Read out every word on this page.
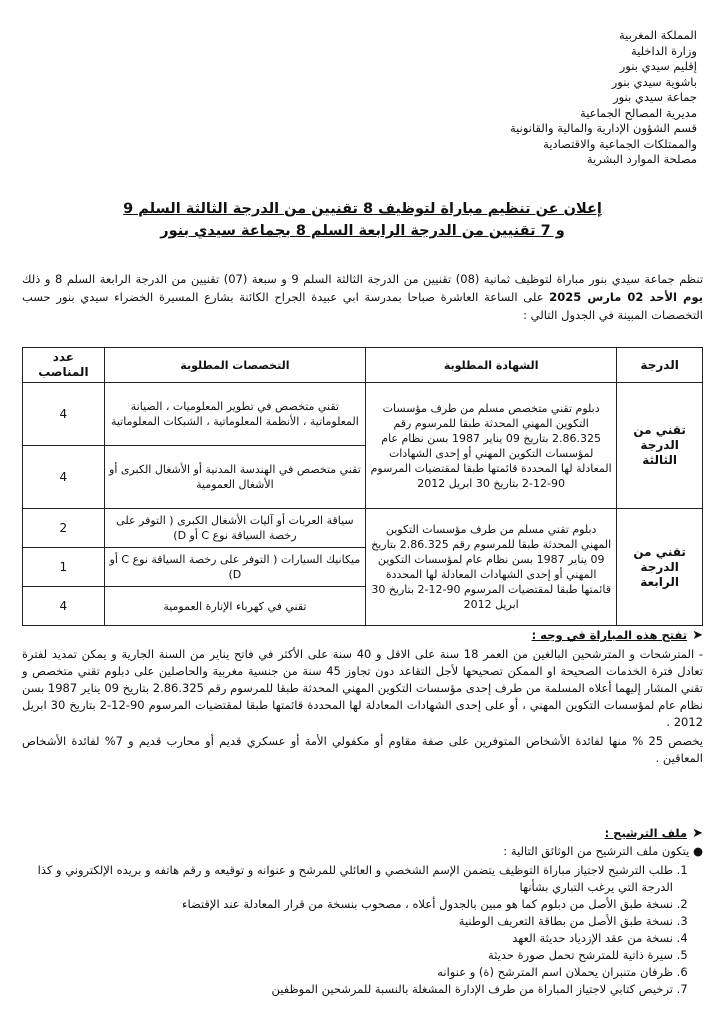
المملكة المغربية
وزارة الداخلية
إقليم سيدي بنور
باشوية سيدي بنور
جماعة سيدي بنور
مديرية المصالح الجماعية
قسم الشؤون الإدارية والمالية والقانونية
والممتلكات الجماعية والاقتصادية
مصلحة الموارد البشرية
إعلان عن تنظيم مباراة لتوظيف 8 تقنيين من الدرجة الثالثة السلم 9
و 7 تقنيين من الدرجة الرابعة السلم 8 بجماعة سيدي بنور
تنظم جماعة سيدي بنور مباراة لتوظيف ثمانية (08) تقنيين من الدرجة الثالثة السلم 9 و سبعة (07) تقنيين من الدرجة الرابعة السلم 8 و ذلك يوم الأحد 02 مارس 2025 على الساعة العاشرة صباحا بمدرسة ابي عبيدة الجراح الكائنة بشارع المسيرة الخضراء سيدي بنور حسب التخصصات المبينة في الجدول التالي :
الدرجة	الشهادة المطلوبة	التخصصات المطلوبة	عدد المناصب
تقني من الدرجة الثالثة	دبلوم تقني متخصص مسلم من طرف مؤسسات التكوين المهني المحدثة طبقا للمرسوم رقم 2.86.325 بتاريخ 09 يناير 1987 بسن نظام عام لمؤسسات التكوين المهني أو إحدى الشهادات المعادلة لها المحددة قائمتها طبقا لمقتضيات المرسوم 90-12-2 بتاريخ 30 ابريل 2012	تقني متخصص في تطوير المعلوميات ، الصيانة المعلوماتية ، الأنظمة المعلوماتية ، الشبكات المعلوماتية	4
		تقني متخصص في الهندسة المدنية أو الأشغال الكبرى أو الأشغال العمومية	4
تقني من الدرجة الرابعة	دبلوم تقني مسلم من طرف مؤسسات التكوين المهني المحدثة طبقا للمرسوم رقم 2.86.325 بتاريخ 09 يناير 1987 بسن نظام عام لمؤسسات التكوين المهني أو إحدى الشهادات المعادلة لها المحددة قائمتها طبقا لمقتضيات المرسوم 90-12-2 بتاريخ 30 ابريل 2012	سياقة العربات أو آليات الأشغال الكبرى ( التوفر على رخصة السياقة نوع C أو D)	2
		ميكانيك السيارات ( التوفر على رخصة السياقة نوع C أو D)	1
		تقني في كهرباء الإنارة العمومية	4
➤تفتح هذه المباراة في وجه :
- المترشحات و المترشحين البالغين من العمر 18 سنة على الاقل و 40 سنة على الأكثر في فاتح يناير من السنة الجارية و يمكن تمديد لفترة تعادل فترة الخدمات الصحيحة او الممكن تصحيحها لأجل التقاعد دون تجاوز 45 سنة من جنسية مغربية والحاصلين على دبلوم تقني متخصص و تقني المشار إليهما أعلاه المسلمة من طرف إحدى مؤسسات التكوين المهني المحدثة طبقا للمرسوم رقم 2.86.325 بتاريخ 09 يناير 1987 بسن نظام عام لمؤسسات التكوين المهني ، أو على إحدى الشهادات المعادلة لها المحددة قائمتها طبقا لمقتضيات المرسوم 90-12-2 بتاريخ 30 ابريل 2012 .
يخصص 25 % منها لفائدة الأشخاص المتوفرين على صفة مقاوم أو مكفولي الأمة أو عسكري قديم أو محارب قديم و 7% لفائدة الأشخاص المعاقين .
➤ملف الترشيح :
● يتكون ملف الترشيح من الوثائق التالية :
1. طلب الترشيح لاجتياز مباراة التوظيف يتضمن الإسم الشخصي و العائلي للمرشح و عنوانه و توقيعه و رقم هاتفه و بريده الإلكتروني و كذا الدرجة التي يرغب التباري بشأنها
2. نسخة طبق الأصل من دبلوم كما هو مبين بالجدول أعلاه ، مصحوب بنسخة من قرار المعادلة عند الإقتضاء
3. نسخة طبق الأصل من بطاقة التعريف الوطنية
4. نسخة من عقد الإزدياد حديثة العهد
5. سيرة ذاتية للمترشح تحمل صورة حديثة
6. ظرفان متنبران يحملان اسم المترشح (ة) و عنوانه
7. ترخيص كتابي لاجتياز المباراة من طرف الإدارة المشغلة بالنسبة للمرشحين الموظفين
